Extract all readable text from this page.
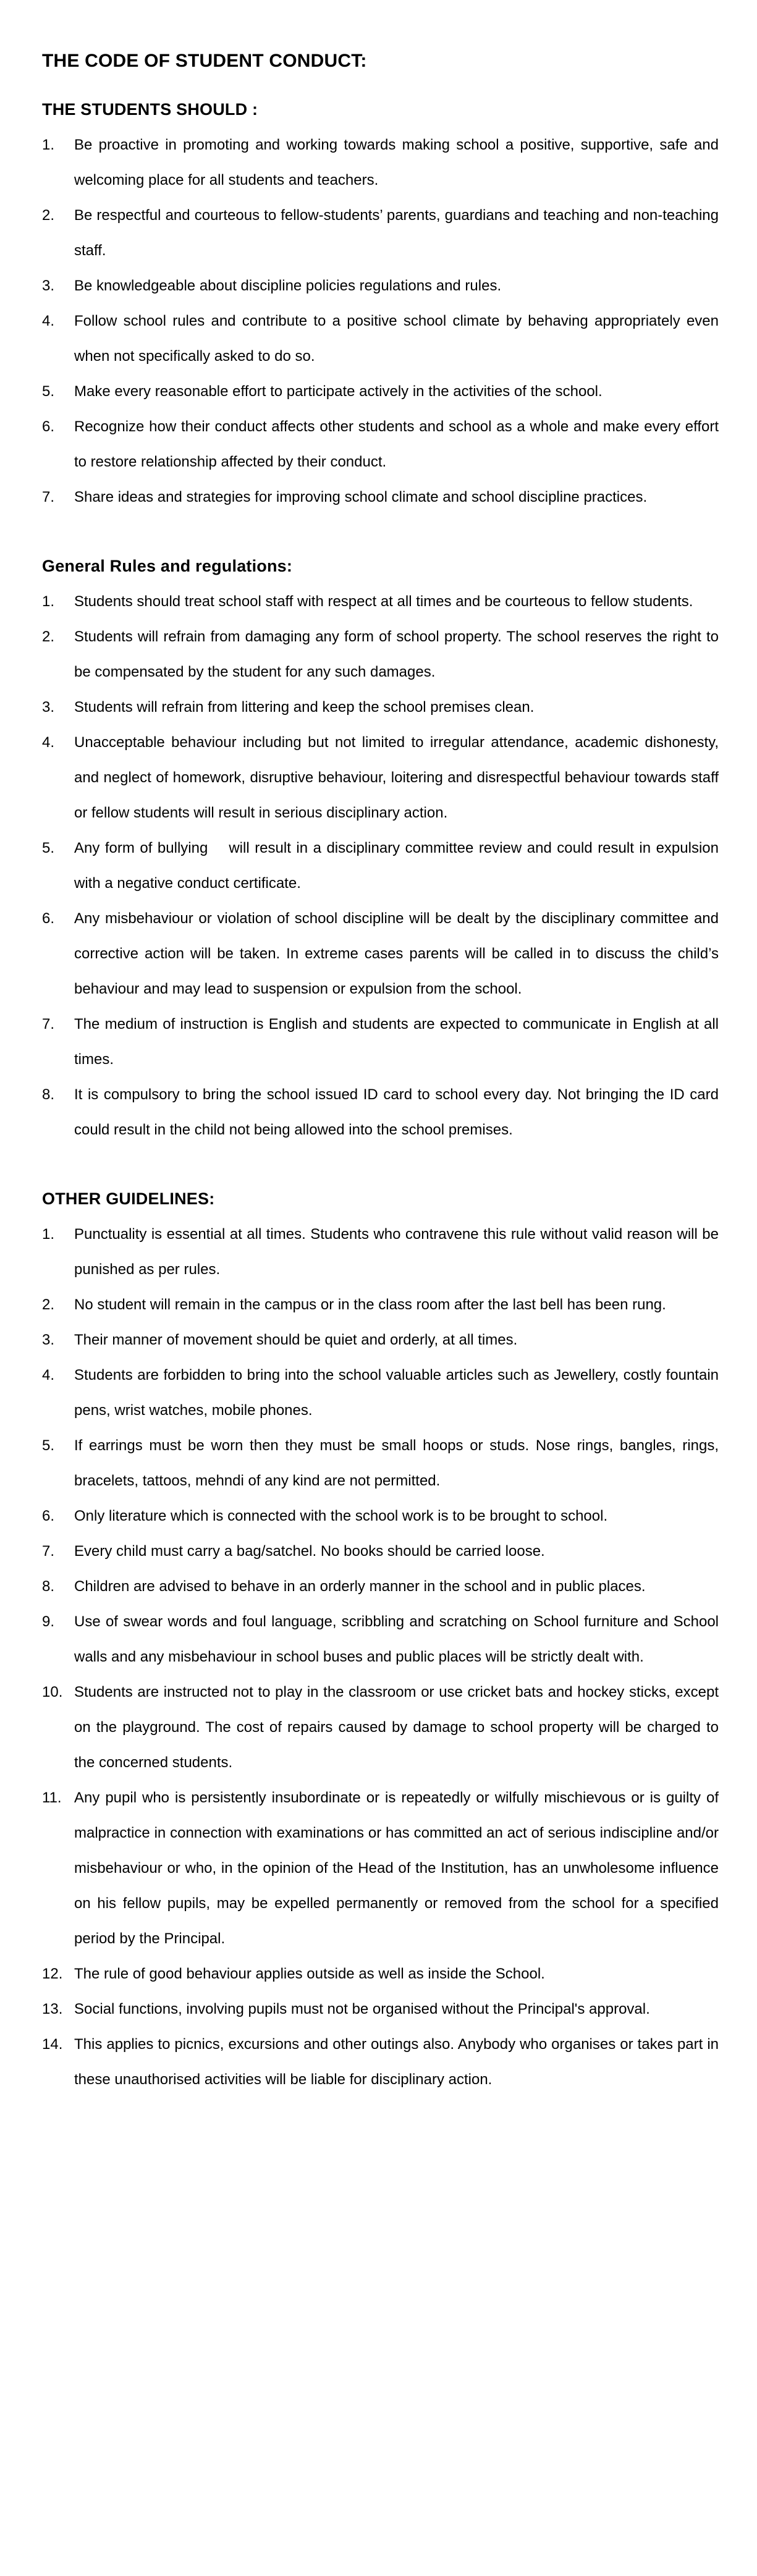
THE CODE OF STUDENT CONDUCT:
THE STUDENTS SHOULD :
1.	Be proactive in promoting and working towards making school a positive, supportive, safe and welcoming place for all students and teachers.
2.	Be respectful and courteous to fellow-students’ parents, guardians and teaching and non-teaching staff.
3.	Be knowledgeable about discipline policies regulations and rules.
4.	Follow school rules and contribute to a positive school climate by behaving appropriately even when not specifically asked to do so.
5.	Make every reasonable effort to participate actively in the activities of the school.
6.	Recognize how their conduct affects other students and school as a whole and make every effort to restore relationship affected by their conduct.
7.	Share ideas and strategies for improving school climate and school discipline practices.
General Rules and regulations:
1.	Students should treat school staff with respect at all times and be courteous to fellow students.
2.	Students will refrain from damaging any form of school property. The school reserves the right to be compensated by the student for any such damages.
3.	Students will refrain from littering and keep the school premises clean.
4.	Unacceptable behaviour including but not limited to irregular attendance, academic dishonesty, and neglect of homework, disruptive behaviour, loitering and disrespectful behaviour towards staff or fellow students will result in serious disciplinary action.
5.	Any form of bullying    will result in a disciplinary committee review and could result in expulsion with a negative conduct certificate.
6.	Any misbehaviour or violation of school discipline will be dealt by the disciplinary committee and corrective action will be taken. In extreme cases parents will be called in to discuss the child’s behaviour and may lead to suspension or expulsion from the school.
7.	The medium of instruction is English and students are expected to communicate in English at all times.
8.	It is compulsory to bring the school issued ID card to school every day. Not bringing the ID card could result in the child not being allowed into the school premises.
OTHER GUIDELINES:
1.	Punctuality is essential at all times. Students who contravene this rule without valid reason will be punished as per rules.
2.	No student will remain in the campus or in the class room after the last bell has been rung.
3.	Their manner of movement should be quiet and orderly, at all times.
4.	Students are forbidden to bring into the school valuable articles such as Jewellery, costly fountain pens, wrist watches, mobile phones.
5.	If earrings must be worn then they must be small hoops or studs. Nose rings, bangles, rings, bracelets, tattoos, mehndi of any kind are not permitted.
6.	Only literature which is connected with the school work is to be brought to school.
7.	Every child must carry a bag/satchel. No books should be carried loose.
8.	Children are advised to behave in an orderly manner in the school and in public places.
9.	Use of swear words and foul language, scribbling and scratching on School furniture and School walls and any misbehaviour in school buses and public places will be strictly dealt with.
10. Students are instructed not to play in the classroom or use cricket bats and hockey sticks, except on the playground. The cost of repairs caused by damage to school property will be charged to the concerned students.
11. Any pupil who is persistently insubordinate or is repeatedly or wilfully mischievous or is guilty of malpractice in connection with examinations or has committed an act of serious indiscipline and/or misbehaviour or who, in the opinion of the Head of the Institution, has an unwholesome influence on his fellow pupils, may be expelled permanently or removed from the school for a specified period by the Principal.
12. The rule of good behaviour applies outside as well as inside the School.
13. Social functions, involving pupils must not be organised without the Principal's approval.
14. This applies to picnics, excursions and other outings also. Anybody who organises or takes part in these unauthorised activities will be liable for disciplinary action.
